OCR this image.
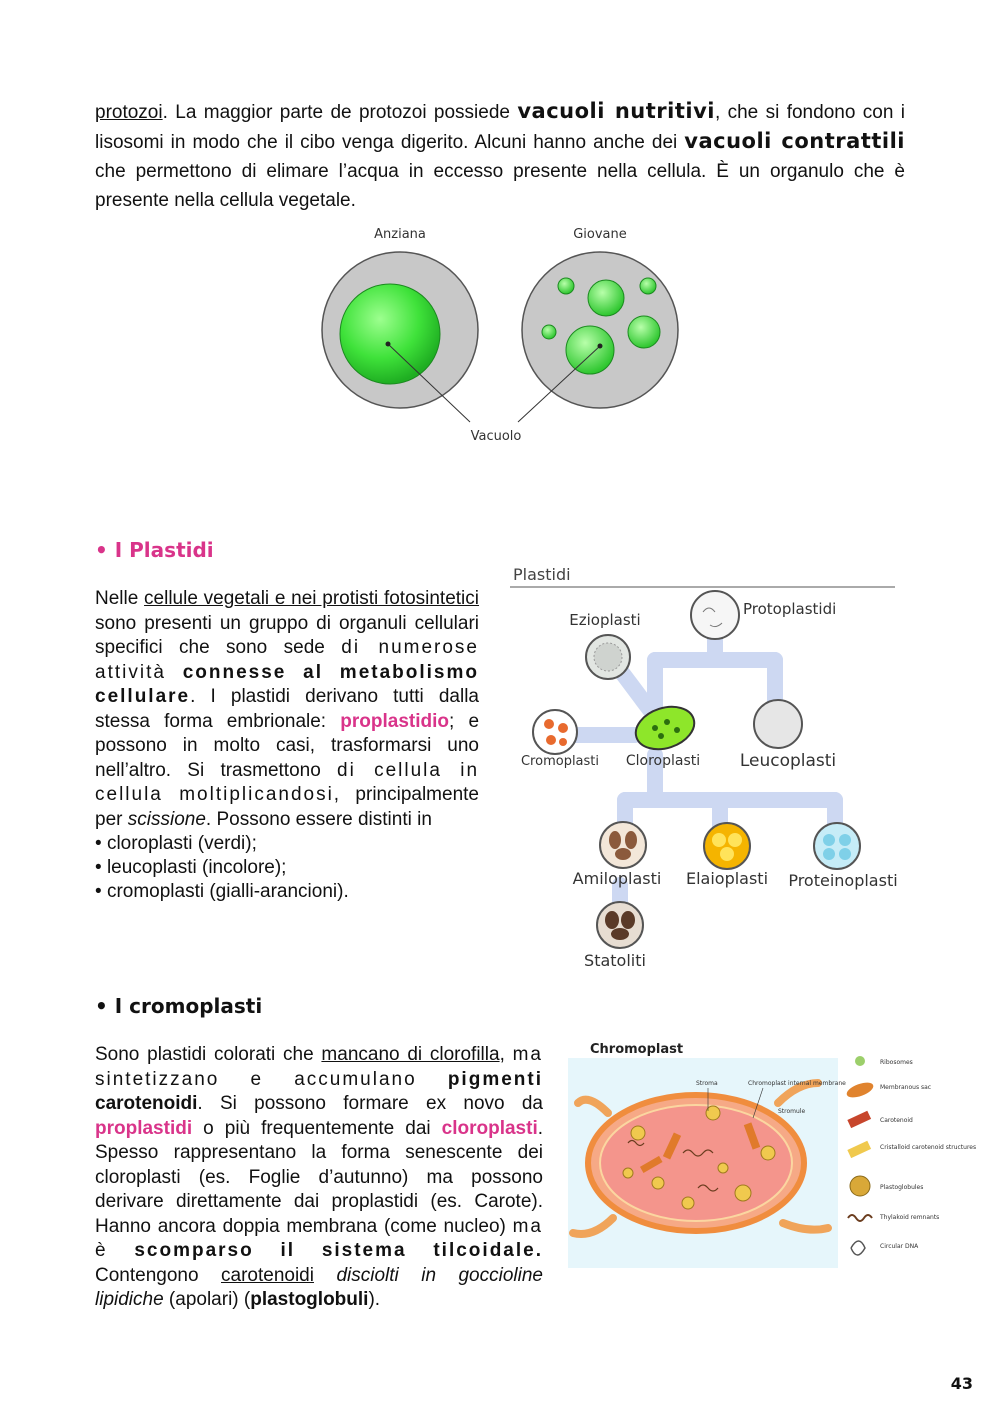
protozoi. La maggior parte de protozoi possiede vacuoli nutritivi, che si fondono con i lisosomi in modo che il cibo venga digerito. Alcuni hanno anche dei vacuoli contrattili che permettono di elimare l’acqua in eccesso presente nella cellula. È un organulo che è presente nella cellula vegetale.
Anziana	Giovane
Vacuolo
• I Plastidi
Nelle cellule vegetali e nei protisti fotosintetici sono presenti un gruppo di organuli cellulari specifici che sono sede di numerose attività connesse al metabolismo cellulare. I plastidi derivano tutti dalla stessa forma embrionale: proplastidio; e possono in molto casi, trasformarsi uno nell’altro. Si trasmettono di cellula in cellula moltiplicandosi, principalmente per scissione. Possono essere distinti in
• cloroplasti (verdi);
• leucoplasti (incolore);
• cromoplasti (gialli-arancioni).
Plastidi
Ezioplasti
Protoplastidi
Cromoplasti Cloroplasti Leucoplasti
Amiloplasti Elaioplasti Proteinoplasti
Statoliti
• I cromoplasti
Sono plastidi colorati che mancano di clorofilla, ma sintetizzano e accumulano pigmenti carotenoidi. Si possono formare ex novo da proplastidi o più frequentemente dai cloroplasti. Spesso rappresentano la forma senescente dei cloroplasti (es. Foglie d’autunno) ma possono derivare direttamente dai proplastidi (es. Carote). Hanno ancora doppia membrana (come nucleo) ma è scomparso il sistema tilcoidale. Contengono carotenoidi disciolti in goccioline lipidiche (apolari) (plastoglobuli).
Chromoplast
Stroma	Chromoplast internal membrane
Stromule
Ribosomes
Membranous sac
Carotenoid
Cristalloid carotenoid structures
Plastoglobules
Thylakoid remnants
Circular DNA
43
